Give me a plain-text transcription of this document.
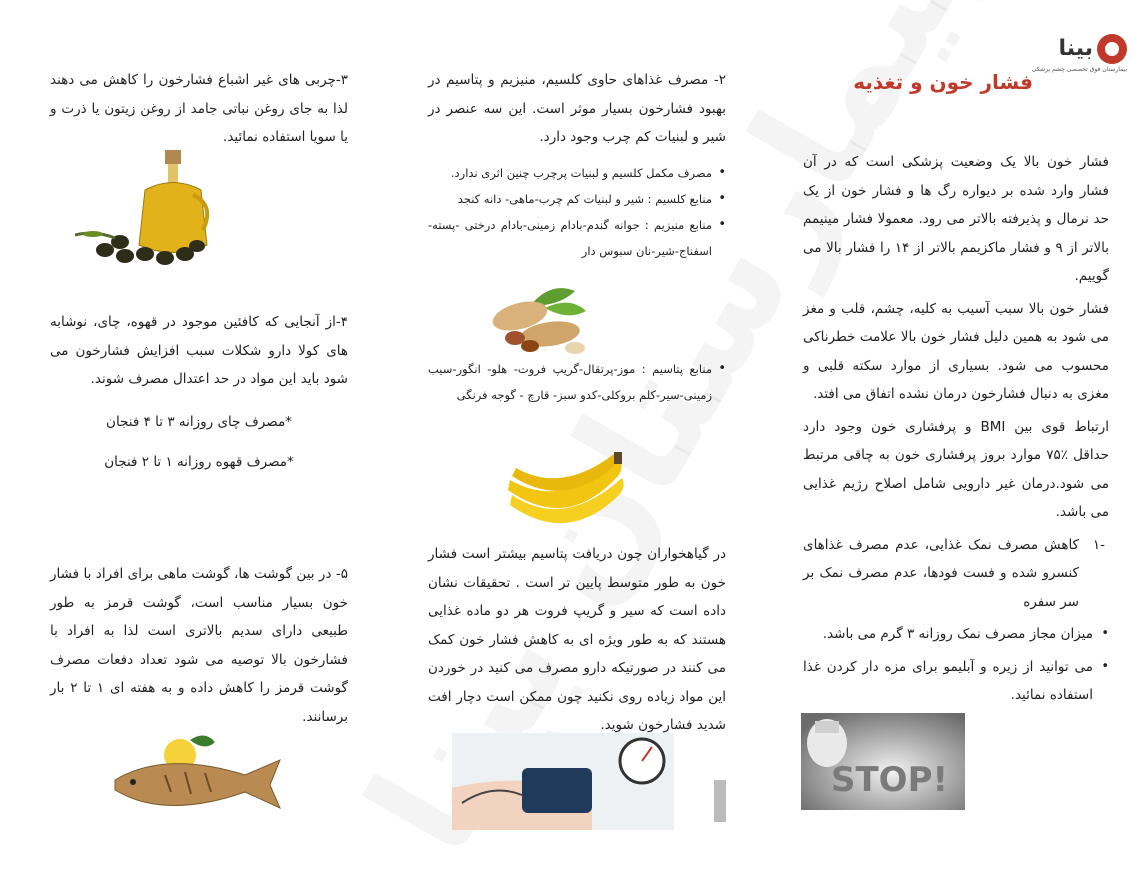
بینا
بیمارستان فوق تخصصی چشم پزشکی
فشار خون و تغذیه

فشار خون بالا یک وضعیت پزشکی است که در آن فشار وارد شده بر دیواره رگ ها و فشار خون از یک حد نرمال و پذیرفته بالاتر می رود. معمولا فشار مینیمم بالاتر از ۹ و فشار ماکزیمم بالاتر از ۱۴ را فشار بالا می گوییم.

فشار خون بالا سبب آسیب به کلیه، چشم، قلب و مغز می شود به همین دلیل فشار خون بالا علامت خطرناکی محسوب می شود. بسیاری از موارد سکته قلبی و مغزی به دنبال فشارخون درمان نشده اتفاق می افتد.

ارتباط قوی بین BMI و پرفشاری خون وجود دارد حداقل ٪۷۵ موارد بروز پرفشاری خون به چاقی مرتبط می شود.درمان غیر دارویی شامل اصلاح رژیم غذایی می باشد.

-۱
کاهش مصرف نمک غذایی، عدم مصرف غذاهای کنسرو شده و فست فودها، عدم مصرف نمک بر سر سفره
• میزان مجاز مصرف نمک روزانه ۳ گرم می باشد.
• می توانید از زیره و آبلیمو برای مزه دار کردن غذا استفاده نمائید.
STOP!

۲- مصرف غذاهای حاوی کلسیم، منیزیم و پتاسیم در بهبود فشارخون بسیار موثر است. این سه عنصر در شیر و لبنیات کم چرب وجود دارد.

• مصرف مکمل کلسیم و لبنیات پرچرب چنین اثری ندارد.
• منابع کلسیم : شیر و لبنیات کم چرب-ماهی- دانه کنجد
• منابع منیزیم : جوانه گندم-بادام زمینی-بادام درختی -پسته-اسفناج-شیر-نان سبوس دار
• منابع پتاسیم : موز-پرتقال-گریپ فروت- هلو- انگور-سیب زمینی-سیر-کلم بروکلی-کدو سبز- قارچ - گوجه فرنگی

در گیاهخواران چون دریافت پتاسیم بیشتر است فشار خون به طور متوسط پایین تر است . تحقیقات نشان داده است که سیر و گریپ فروت هر دو ماده غذایی هستند که به طور ویژه ای به کاهش فشار خون کمک می کنند در صورتیکه دارو مصرف می کنید در خوردن این مواد زیاده روی نکنید چون ممکن است دچار افت شدید فشارخون شوید.

۳-چربی های غیر اشباع فشارخون را کاهش می دهند لذا به جای روغن نباتی جامد از روغن زیتون یا ذرت و یا سویا استفاده نمائید.

۴-از آنجایی که کافئین موجود در قهوه، چای، نوشابه های کولا دارو شکلات سبب افزایش فشارخون می شود باید این مواد در حد اعتدال مصرف شوند.

*مصرف چای روزانه ۳ تا ۴ فنجان

*مصرف قهوه روزانه ۱ تا ۲ فنجان

۵- در بین گوشت ها، گوشت ماهی برای افراد با فشار خون بسیار مناسب است، گوشت قرمز به طور طبیعی دارای سدیم بالاتری است لذا به افراد با فشارخون بالا توصیه می شود تعداد دفعات مصرف گوشت قرمز را کاهش داده و به هفته ای ۱ تا ۲ بار برسانند.
